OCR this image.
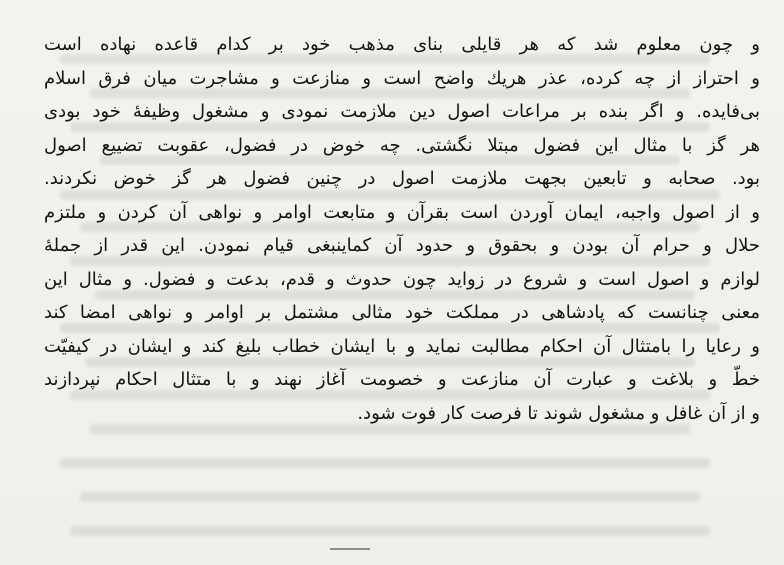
و چون معلوم شد که هر قایلی بنای مذهب خود بر کدام قاعده نهاده است
و احتراز از چه کرده، عذر هریك واضح است و منازعت و مشاجرت میان فرق اسلام
بی‌فایده. و اگر بنده بر مراعات اصول دین ملازمت نمودی و مشغول وظیفهٔ خود بودی
هر گز با مثال این فضول مبتلا نگشتی. چه خوض در فضول، عقوبت تضییع اصول
بود. صحابه و تابعین بجهت ملازمت اصول در چنین فضول هر گز خوض نکردند.
و از اصول واجبه، ایمان آوردن است بقرآن و متابعت اوامر و نواهی آن کردن و ملتزم
حلال و حرام آن بودن و بحقوق و حدود آن کماینبغی قیام نمودن. این قدر از جملهٔ
لوازم و اصول است و شروع در زواید چون حدوث و قدم، بدعت و فضول. و مثال این
معنی چنانست که پادشاهی در مملکت خود مثالی مشتمل بر اوامر و نواهی امضا کند
و رعایا را بامتثال آن احکام مطالبت نماید و با ایشان خطاب بلیغ کند و ایشان در کیفیّت
خطّ و بلاغت و عبارت آن منازعت و خصومت آغاز نهند و با متثال احکام نپردازند
و از آن غافل و مشغول شوند تا فرصت کار فوت شود.
